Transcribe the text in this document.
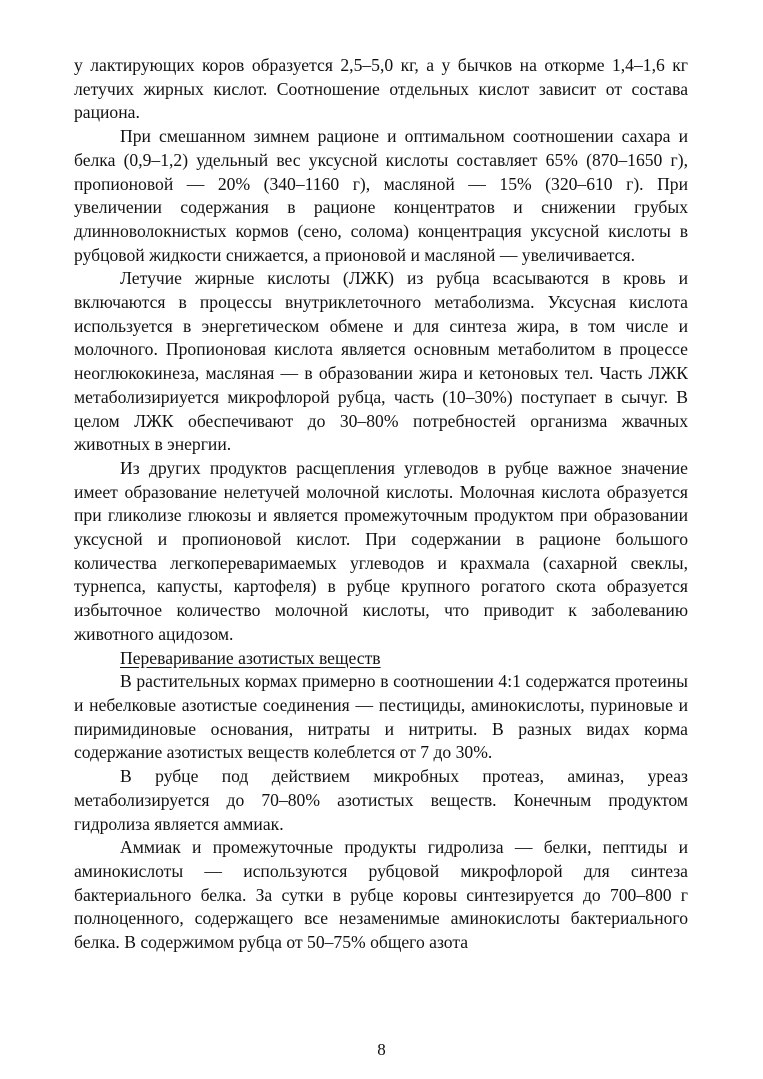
у лактирующих коров образуется 2,5–5,0 кг, а у бычков на откорме 1,4–1,6 кг летучих жирных кислот. Соотношение отдельных кислот зависит от состава рациона.

При смешанном зимнем рационе и оптимальном соотношении сахара и белка (0,9–1,2) удельный вес уксусной кислоты составляет 65% (870–1650 г), пропионовой — 20% (340–1160 г), масляной — 15% (320–610 г). При увеличении содержания в рационе концентратов и снижении грубых длинноволокнистых кормов (сено, солома) концентрация уксусной кислоты в рубцовой жидкости снижается, а прионовой и масляной — увеличивается.

Летучие жирные кислоты (ЛЖК) из рубца всасываются в кровь и включаются в процессы внутриклеточного метаболизма. Уксусная кислота используется в энергетическом обмене и для синтеза жира, в том числе и молочного. Пропионовая кислота является основным метаболитом в процессе неоглюкокинеза, масляная — в образовании жира и кетоновых тел. Часть ЛЖК метаболизириуется микрофлорой рубца, часть (10–30%) поступает в сычуг. В целом ЛЖК обеспечивают до 30–80% потребностей организма жвачных животных в энергии.

Из других продуктов расщепления углеводов в рубце важное значение имеет образование нелетучей молочной кислоты. Молочная кислота образуется при гликолизе глюкозы и является промежуточным продуктом при образовании уксусной и пропионовой кислот. При содержании в рационе большого количества легкопереваримаемых углеводов и крахмала (сахарной свеклы, турнепса, капусты, картофеля) в рубце крупного рогатого скота образуется избыточное количество молочной кислоты, что приводит к заболеванию животного ацидозом.

Переваривание азотистых веществ

В растительных кормах примерно в соотношении 4:1 содержатся протеины и небелковые азотистые соединения — пестициды, аминокислоты, пуриновые и пиримидиновые основания, нитраты и нитриты. В разных видах корма содержание азотистых веществ колеблется от 7 до 30%.

В рубце под действием микробных протеаз, аминаз, уреаз метаболизируется до 70–80% азотистых веществ. Конечным продуктом гидролиза является аммиак.

Аммиак и промежуточные продукты гидролиза — белки, пептиды и аминокислоты — используются рубцовой микрофлорой для синтеза бактериального белка. За сутки в рубце коровы синтезируется до 700–800 г полноценного, содержащего все незаменимые аминокислоты бактериального белка. В содержимом рубца от 50–75% общего азота

8
